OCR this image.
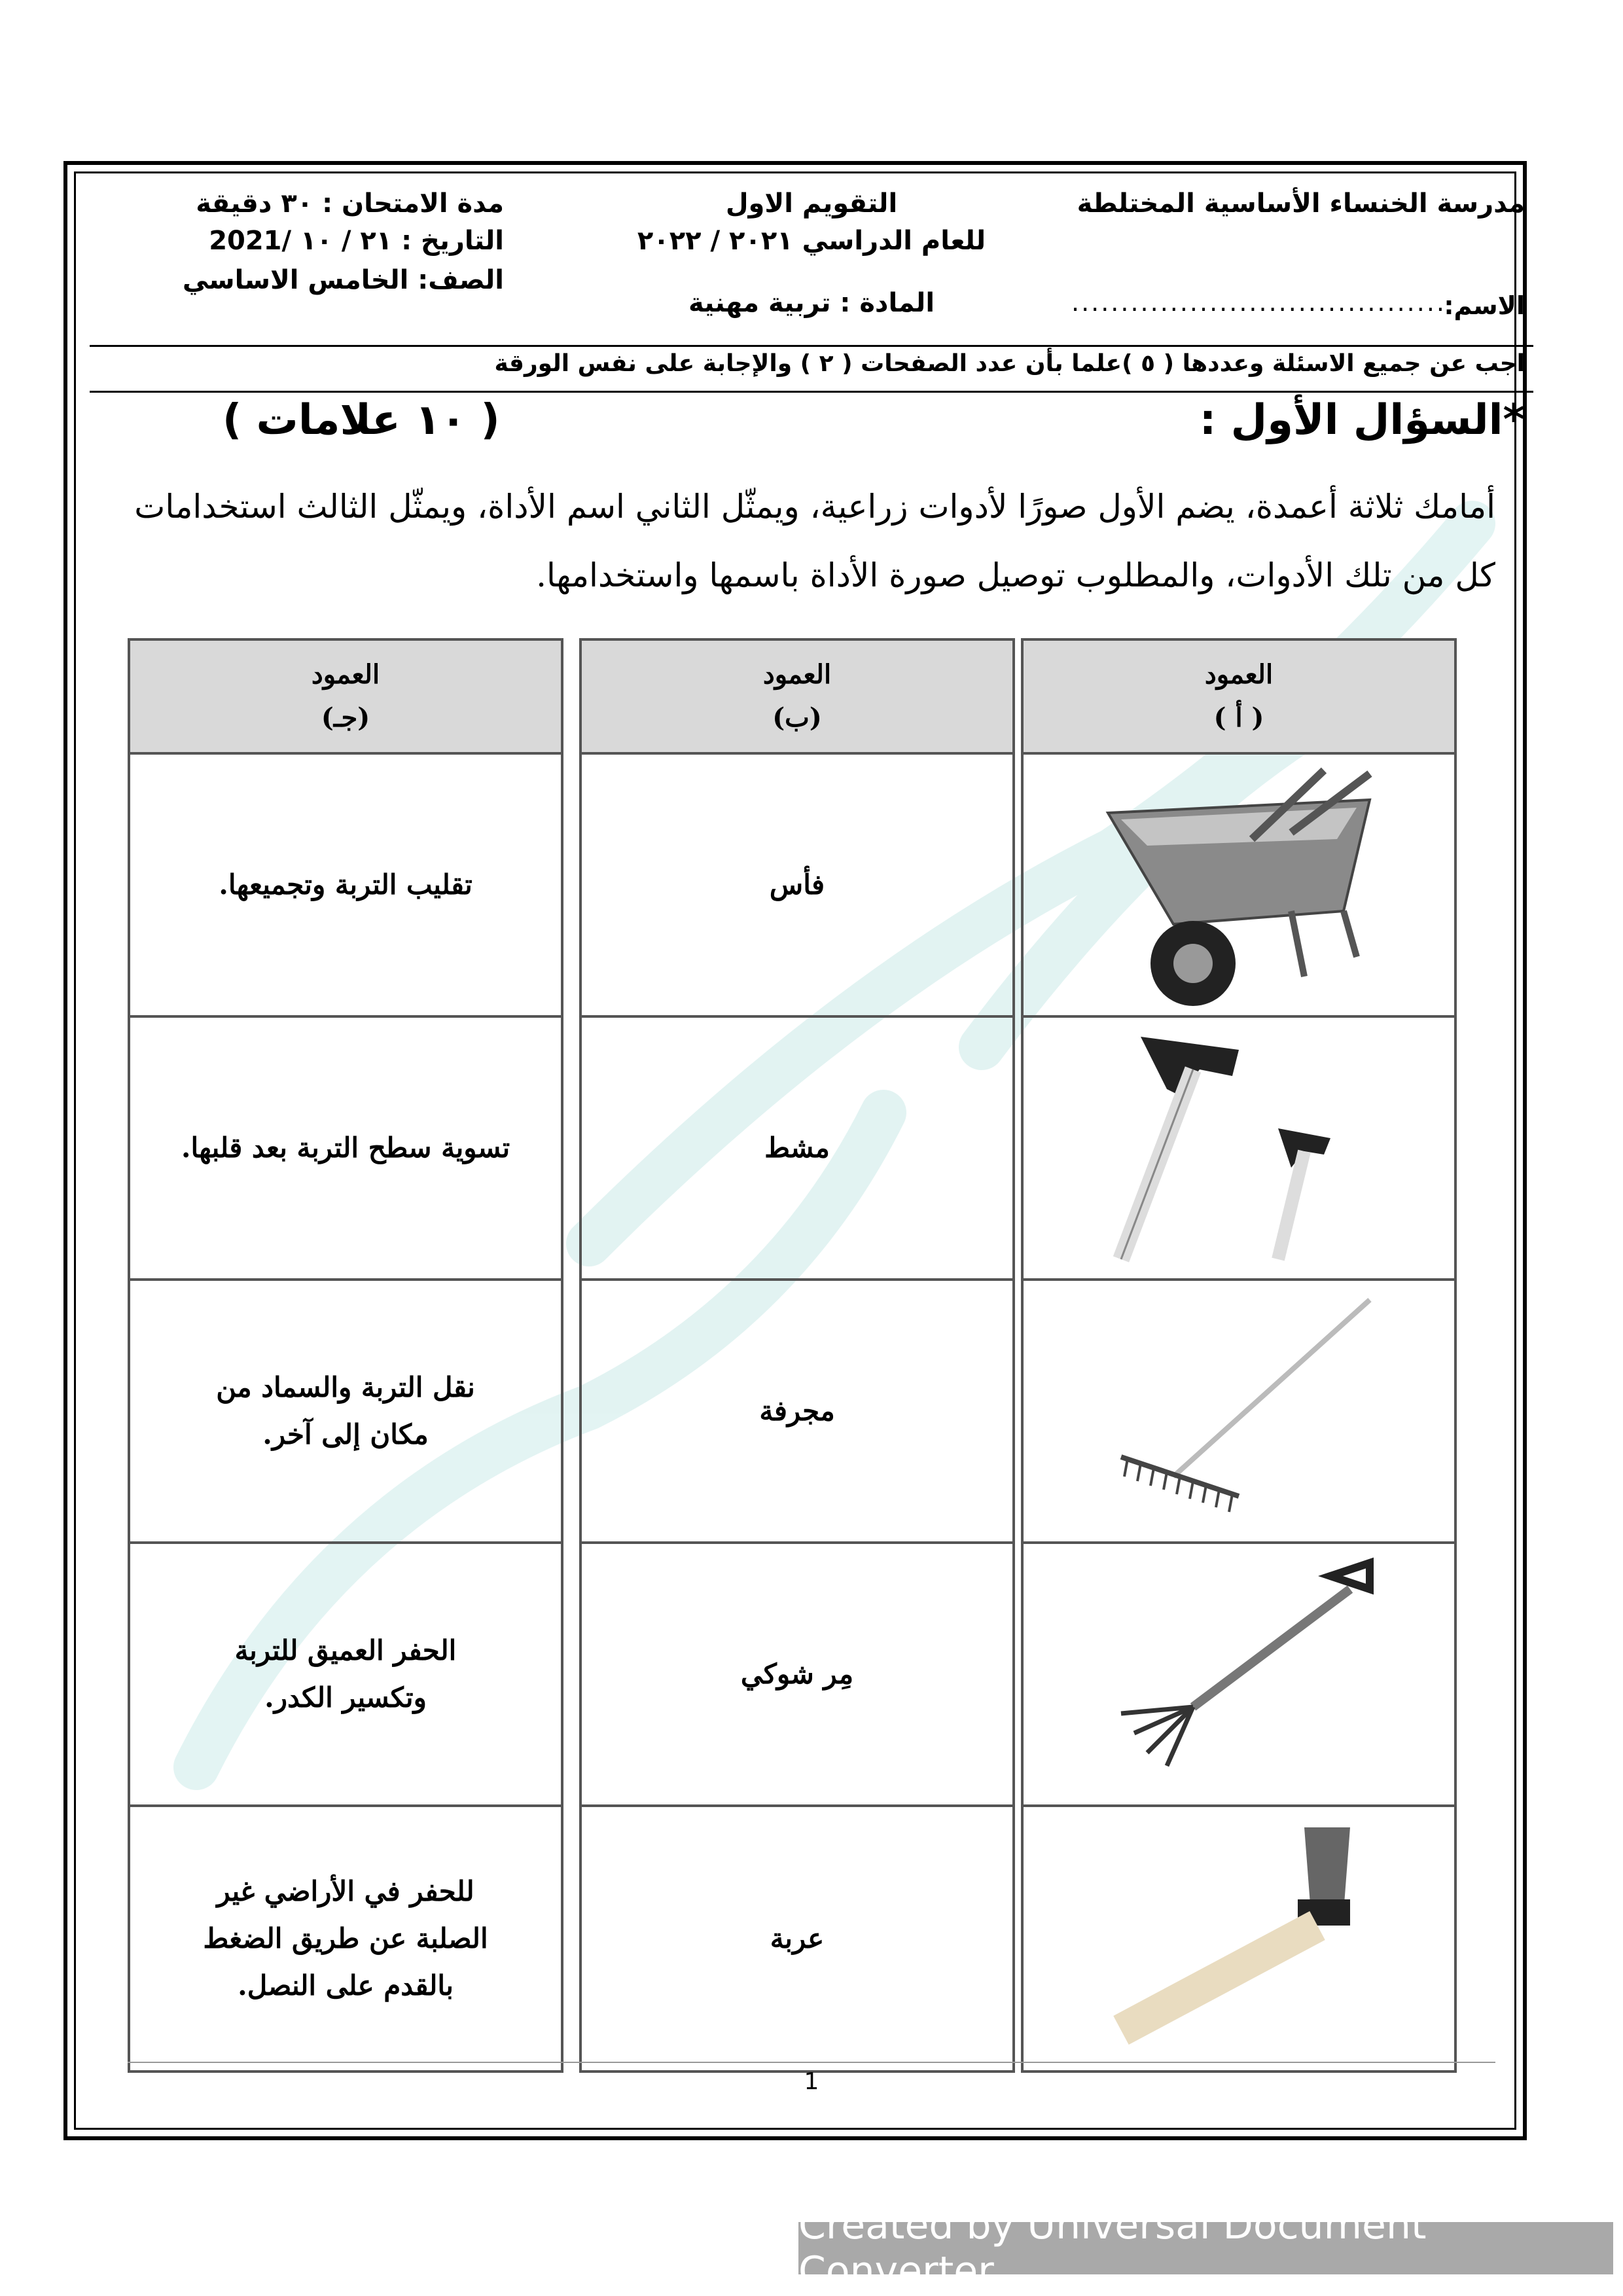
مدرسة الخنساء الأساسية المختلطة
الاسم:
......................................
التقويم الاول
للعام الدراسي ٢٠٢١ / ٢٠٢٢
المادة : تربية مهنية
مدة الامتحان : ٣٠ دقيقة
التاريخ : ٢١ / ١٠ /2021
الصف: الخامس الاساسي
اجب عن جميع الاسئلة وعددها ( ٥ )علما بأن عدد الصفحات ( ٢ ) والإجابة على نفس الورقة
*السؤال الأول :
( ١٠ علامات )
أمامك ثلاثة أعمدة، يضم الأول صورًا لأدوات زراعية، ويمثّل الثاني اسم الأداة، ويمثّل الثالث استخدامات
كل من تلك الأدوات، والمطلوب توصيل صورة الأداة باسمها واستخدامها.
العمود
( أ )
العمود
(ب)
فأس
مشط
مجرفة
مِر شوكي
عربة
العمود
(جـ)
تقليب التربة وتجميعها.
تسوية سطح التربة بعد قلبها.
نقل التربة والسماد من مكان إلى آخر.
الحفر العميق للتربة وتكسير الكدر.
للحفر في الأراضي غير الصلبة عن طريق الضغط بالقدم على النصل.
1
Created by Universal Document Converter
